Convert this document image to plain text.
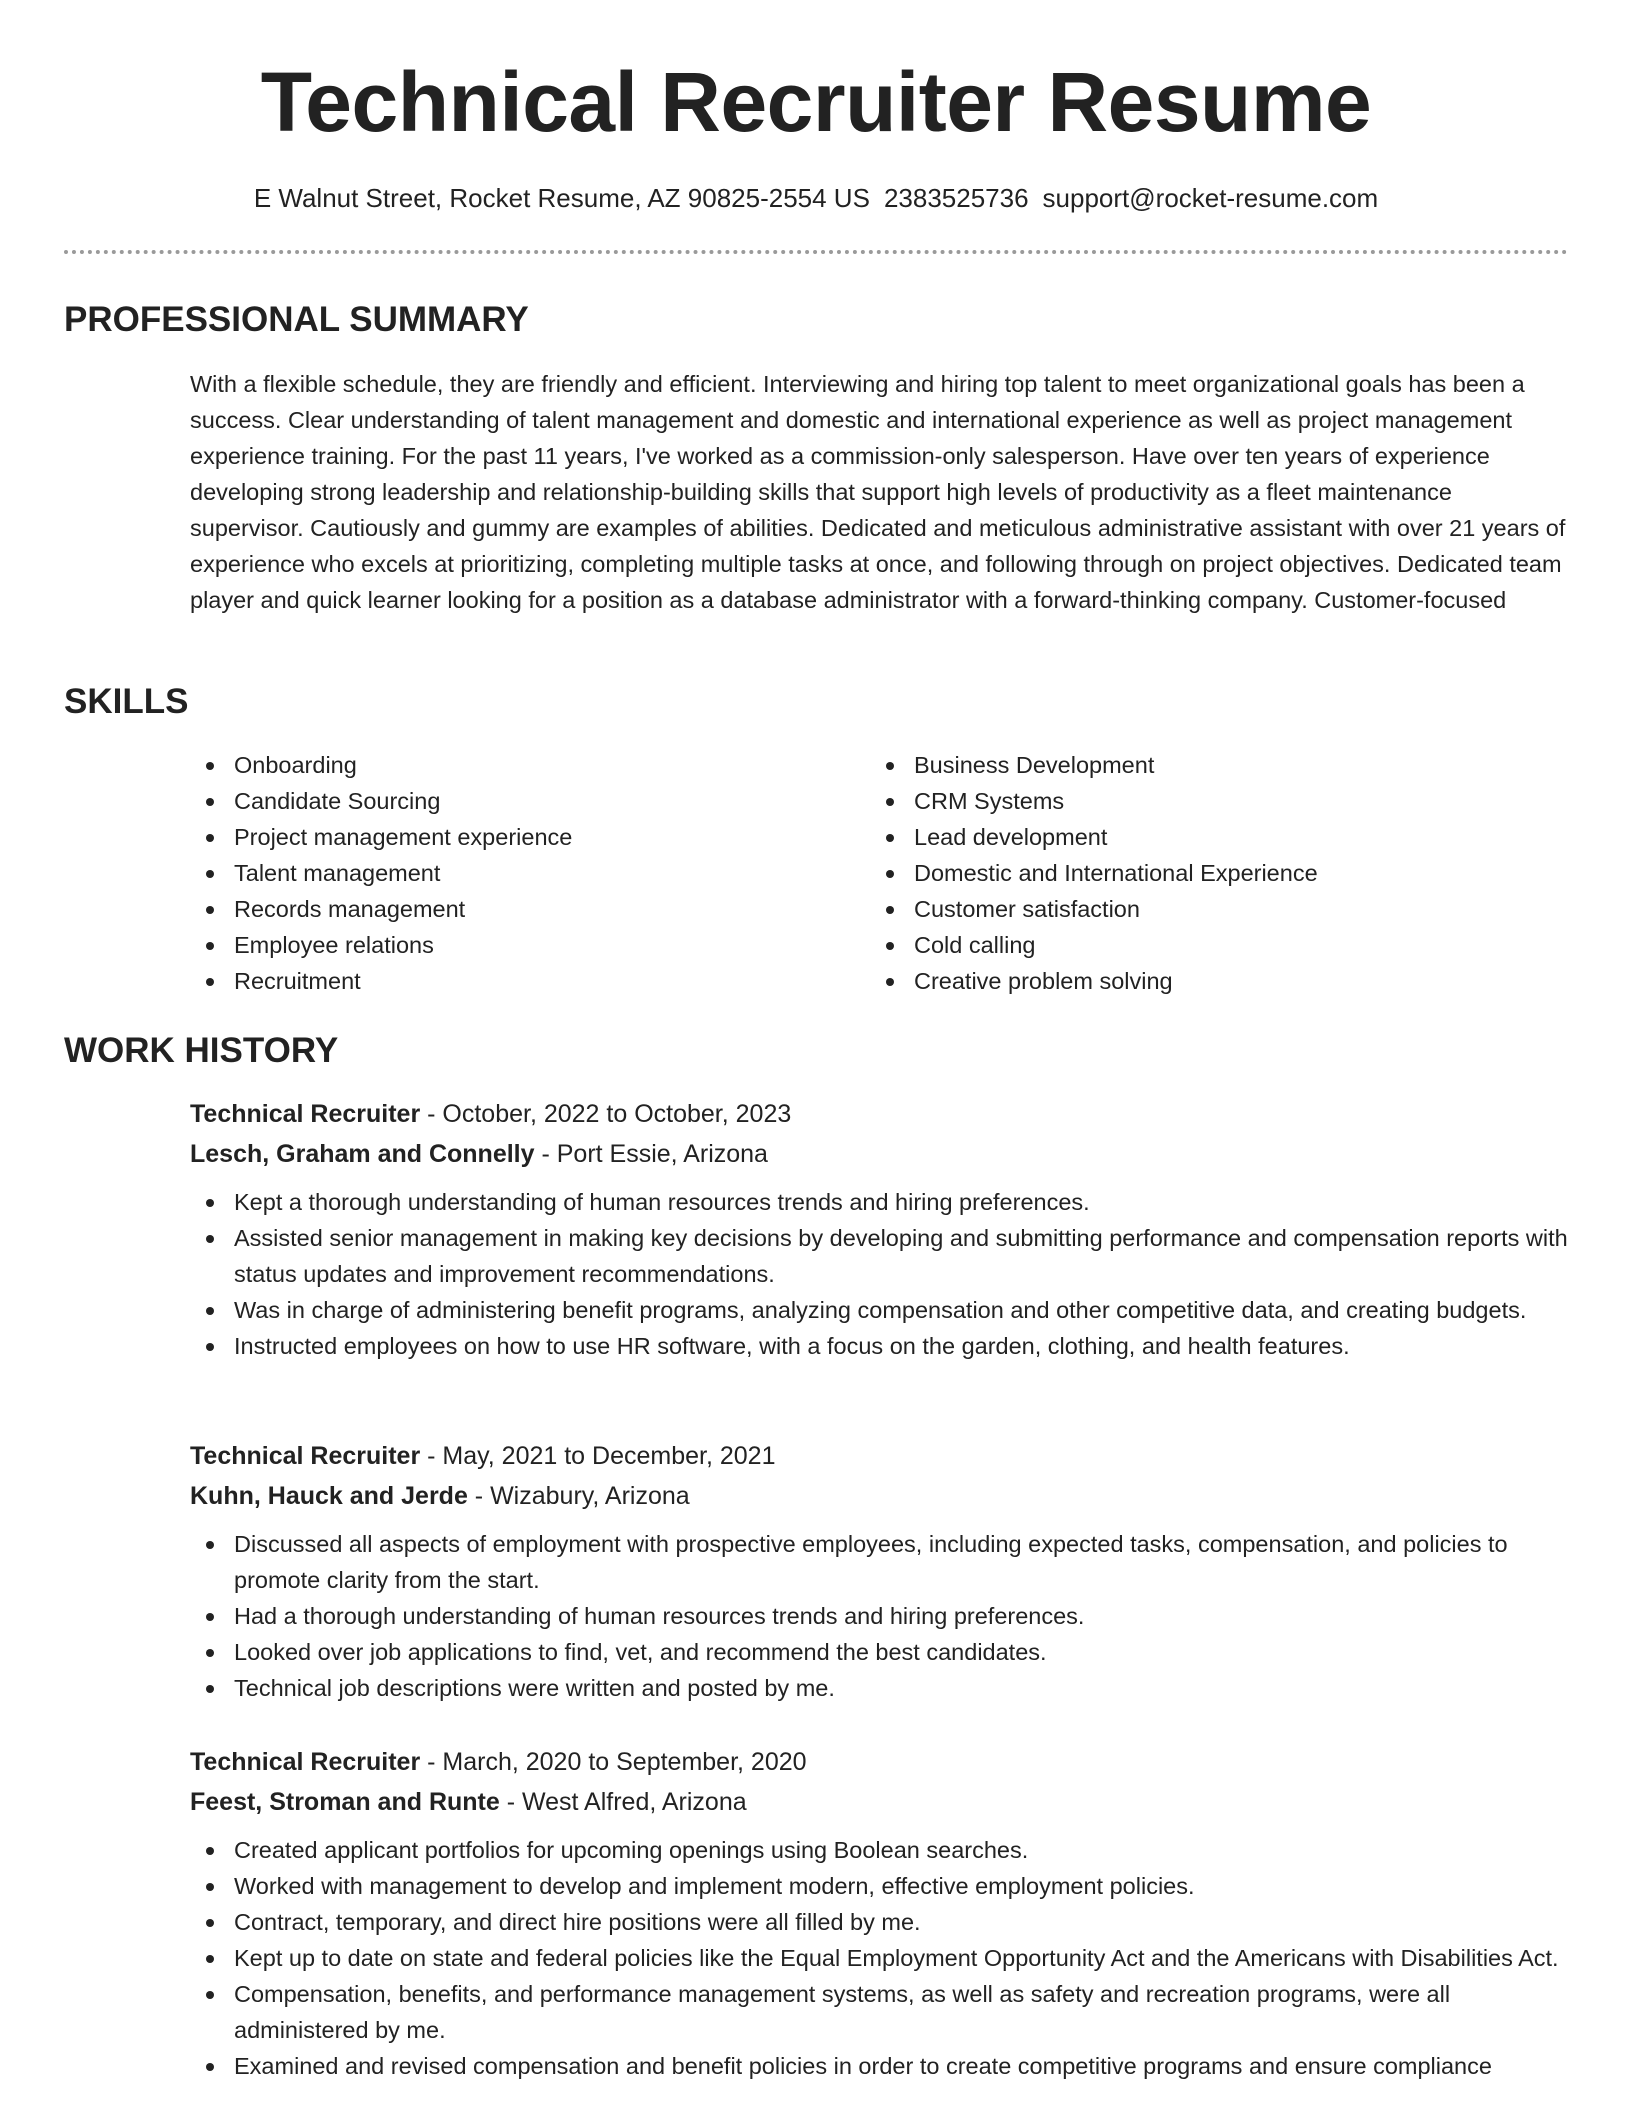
Technical Recruiter Resume
E Walnut Street, Rocket Resume, AZ 90825-2554 US 2383525736 support@rocket-resume.com
PROFESSIONAL SUMMARY

With a flexible schedule, they are friendly and efficient. Interviewing and hiring top talent to meet organizational goals has been a success. Clear understanding of talent management and domestic and international experience as well as project management experience training. For the past 11 years, I've worked as a commission-only salesperson. Have over ten years of experience developing strong leadership and relationship-building skills that support high levels of productivity as a fleet maintenance supervisor. Cautiously and gummy are examples of abilities. Dedicated and meticulous administrative assistant with over 21 years of experience who excels at prioritizing, completing multiple tasks at once, and following through on project objectives. Dedicated team player and quick learner looking for a position as a database administrator with a forward-thinking company. Customer-focused

SKILLS
Onboarding
Candidate Sourcing
Project management experience
Talent management
Records management
Employee relations
Recruitment
Business Development
CRM Systems
Lead development
Domestic and International Experience
Customer satisfaction
Cold calling
Creative problem solving
WORK HISTORY
Technical Recruiter - October, 2022 to October, 2023
Lesch, Graham and Connelly - Port Essie, Arizona
Kept a thorough understanding of human resources trends and hiring preferences.
Assisted senior management in making key decisions by developing and submitting performance and compensation reports with status updates and improvement recommendations.
Was in charge of administering benefit programs, analyzing compensation and other competitive data, and creating budgets.
Instructed employees on how to use HR software, with a focus on the garden, clothing, and health features.
Technical Recruiter - May, 2021 to December, 2021
Kuhn, Hauck and Jerde - Wizabury, Arizona
Discussed all aspects of employment with prospective employees, including expected tasks, compensation, and policies to promote clarity from the start.
Had a thorough understanding of human resources trends and hiring preferences.
Looked over job applications to find, vet, and recommend the best candidates.
Technical job descriptions were written and posted by me.
Technical Recruiter - March, 2020 to September, 2020
Feest, Stroman and Runte - West Alfred, Arizona
Created applicant portfolios for upcoming openings using Boolean searches.
Worked with management to develop and implement modern, effective employment policies.
Contract, temporary, and direct hire positions were all filled by me.
Kept up to date on state and federal policies like the Equal Employment Opportunity Act and the Americans with Disabilities Act.
Compensation, benefits, and performance management systems, as well as safety and recreation programs, were all administered by me.
Examined and revised compensation and benefit policies in order to create competitive programs and ensure compliance
